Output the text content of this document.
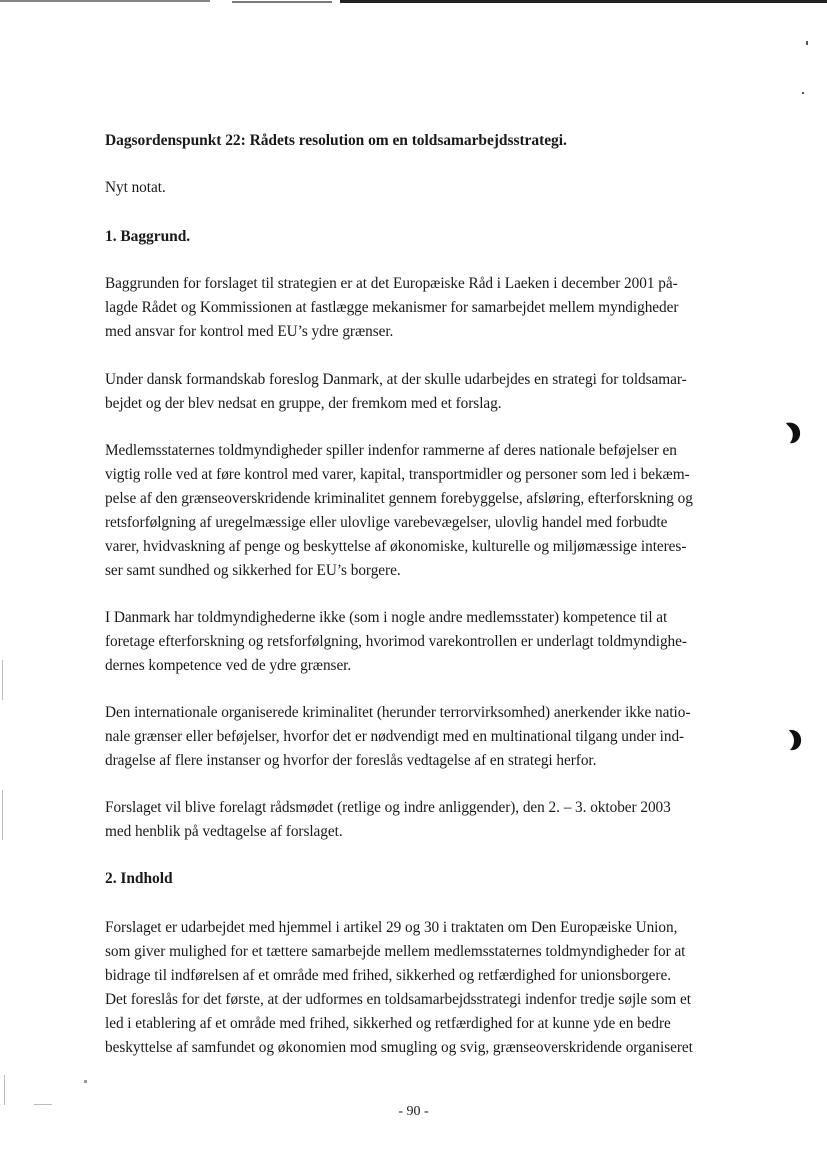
Dagsordenspunkt 22: Rådets resolution om en toldsamarbejdsstrategi.
Nyt notat.
1. Baggrund.
Baggrunden for forslaget til strategien er at det Europæiske Råd i Laeken i december 2001 på-
lagde Rådet og Kommissionen at fastlægge mekanismer for samarbejdet mellem myndigheder
med ansvar for kontrol med EU’s ydre grænser.
Under dansk formandskab foreslog Danmark, at der skulle udarbejdes en strategi for toldsamar-
bejdet og der blev nedsat en gruppe, der fremkom med et forslag.
Medlemsstaternes toldmyndigheder spiller indenfor rammerne af deres nationale beføjelser en
vigtig rolle ved at føre kontrol med varer, kapital, transportmidler og personer som led i bekæm-
pelse af den grænseoverskridende kriminalitet gennem forebyggelse, afsløring, efterforskning og
retsforfølgning af uregelmæssige eller ulovlige varebevægelser, ulovlig handel med forbudte
varer, hvidvaskning af penge og beskyttelse af økonomiske, kulturelle og miljømæssige interes-
ser samt sundhed og sikkerhed for EU’s borgere.
I Danmark har toldmyndighederne ikke (som i nogle andre medlemsstater) kompetence til at
foretage efterforskning og retsforfølgning, hvorimod varekontrollen er underlagt toldmyndighe-
dernes kompetence ved de ydre grænser.
Den internationale organiserede kriminalitet (herunder terrorvirksomhed) anerkender ikke natio-
nale grænser eller beføjelser, hvorfor det er nødvendigt med en multinational tilgang under ind-
dragelse af flere instanser og hvorfor der foreslås vedtagelse af en strategi herfor.
Forslaget vil blive forelagt rådsmødet (retlige og indre anliggender), den 2. – 3. oktober 2003
med henblik på vedtagelse af forslaget.
2. Indhold
Forslaget er udarbejdet med hjemmel i artikel 29 og 30 i traktaten om Den Europæiske Union,
som giver mulighed for et tættere samarbejde mellem medlemsstaternes toldmyndigheder for at
bidrage til indførelsen af et område med frihed, sikkerhed og retfærdighed for unionsborgere.
Det foreslås for det første, at der udformes en toldsamarbejdsstrategi indenfor tredje søjle som et
led i etablering af et område med frihed, sikkerhed og retfærdighed for at kunne yde en bedre
beskyttelse af samfundet og økonomien mod smugling og svig, grænseoverskridende organiseret
- 90 -
